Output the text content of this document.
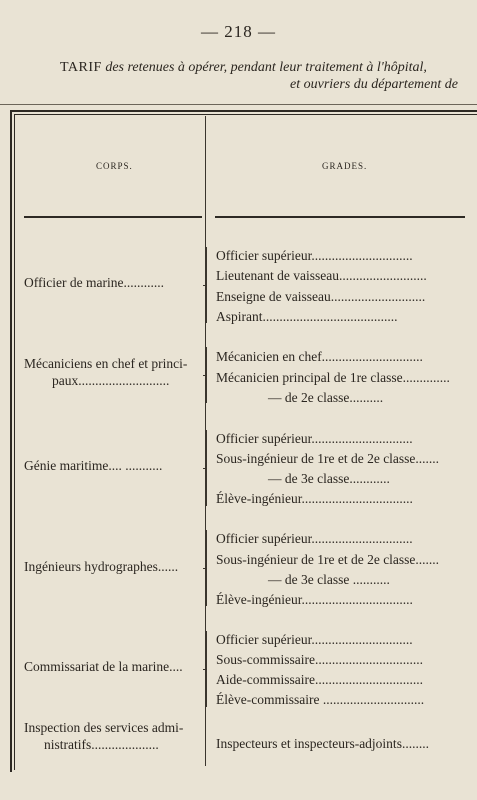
— 218 —
TARIF des retenues à opérer, pendant leur traitement à l'hôpital,
et ouvriers du département de
CORPS.	GRADES.
Officier de marine............
Officier supérieur..............................
Lieutenant de vaisseau..........................
Enseigne de vaisseau............................
Aspirant........................................
Mécaniciens en chef et princi-
paux...........................
Mécanicien en chef..............................
Mécanicien principal de 1re classe..............
— de 2e classe..........
Génie maritime.... ...........
Officier supérieur..............................
Sous-ingénieur de 1re et de 2e classe.......
— de 3e classe............
Élève-ingénieur.................................
Ingénieurs hydrographes......
Officier supérieur..............................
Sous-ingénieur de 1re et de 2e classe.......
— de 3e classe ...........
Élève-ingénieur.................................
Commissariat de la marine....
Officier supérieur..............................
Sous-commissaire................................
Aide-commissaire................................
Élève-commissaire ..............................
Inspection des services admi-
nistratifs....................	Inspecteurs et inspecteurs-adjoints........
